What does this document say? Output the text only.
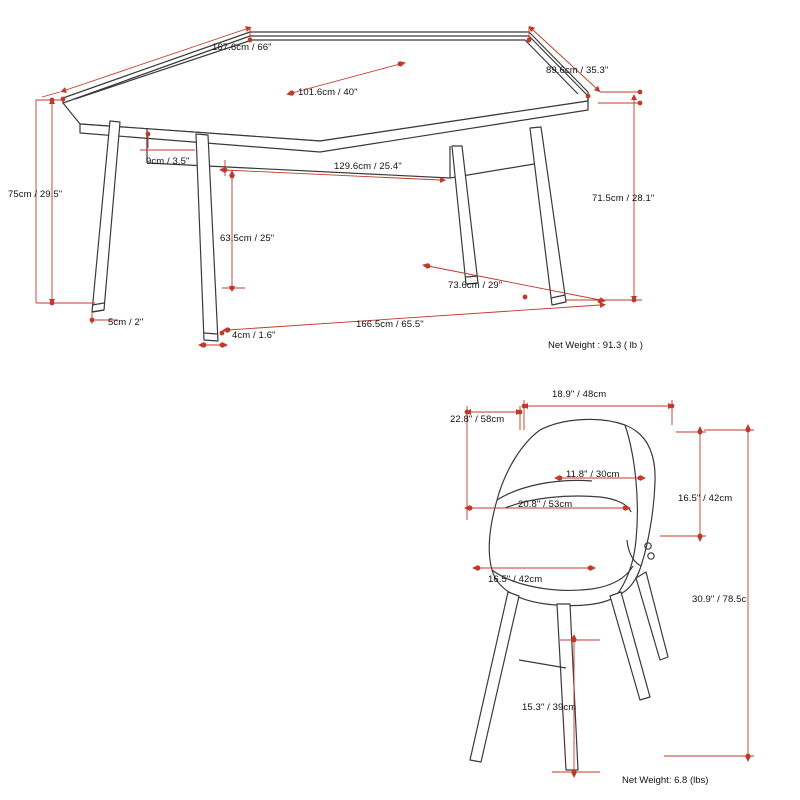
167.6cm / 66"
89.6cm / 35.3"
101.6cm / 40"
9cm / 3.5"	129.6cm / 25.4"
75cm / 29.5"	71.5cm / 28.1"
63.5cm / 25"
73.6cm / 29"
5cm / 2"
4cm / 1.6"
166.5cm / 65.5"
Net Weight : 91.3 ( lb )
22.8" / 58cm
18.9" / 48cm
11.8" / 30cm
20.8" / 53cm
16.5" / 42cm
16.5" / 42cm
30.9" / 78.5c
15.3" / 39cm
Net Weight: 6.8 (lbs)
